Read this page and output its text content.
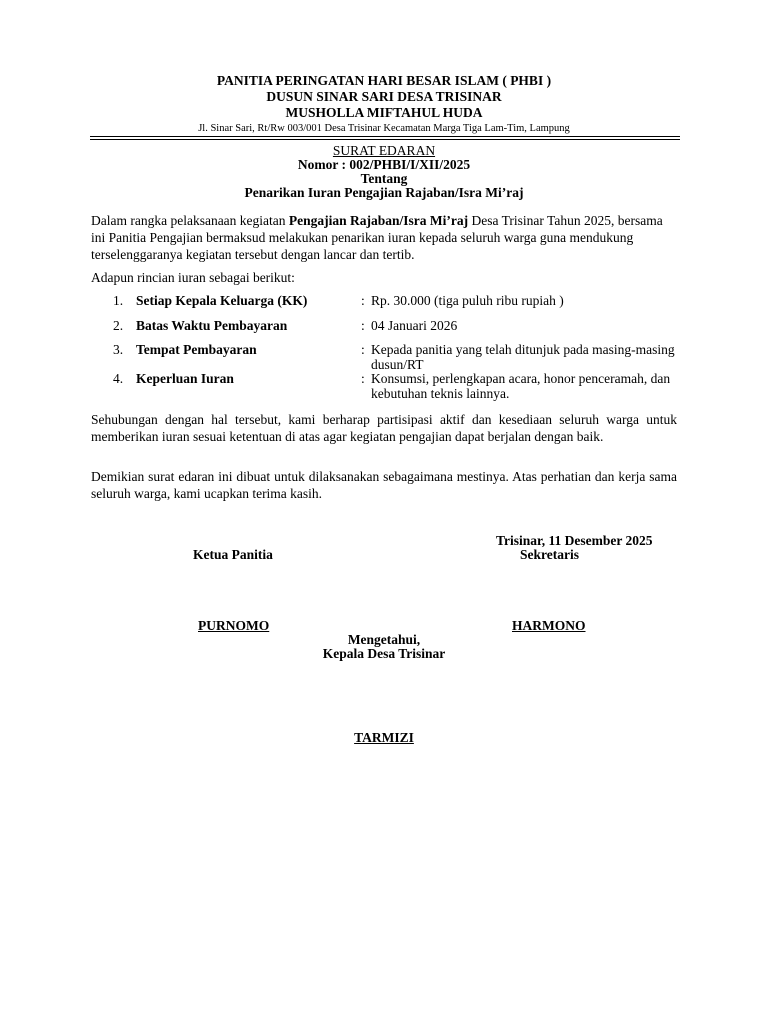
PANITIA PERINGATAN HARI BESAR ISLAM ( PHBI )
DUSUN SINAR SARI DESA TRISINAR
MUSHOLLA MIFTAHUL HUDA
Jl. Sinar Sari, Rt/Rw 003/001 Desa Trisinar Kecamatan Marga Tiga Lam-Tim, Lampung
SURAT EDARAN
Nomor : 002/PHBI/I/XII/2025
Tentang
Penarikan Iuran Pengajian Rajaban/Isra Mi’raj
Dalam rangka pelaksanaan kegiatan Pengajian Rajaban/Isra Mi’raj Desa Trisinar Tahun 2025, bersama ini Panitia Pengajian bermaksud melakukan penarikan iuran kepada seluruh warga guna mendukung terselenggaranya kegiatan tersebut dengan lancar dan tertib.
Adapun rincian iuran sebagai berikut:
1. Setiap Kepala Keluarga (KK)	: Rp. 30.000 (tiga puluh ribu rupiah )
2. Batas Waktu Pembayaran	: 04 Januari 2026
3. Tempat Pembayaran	: Kepada panitia yang telah ditunjuk pada masing-masing dusun/RT
4. Keperluan Iuran	: Konsumsi, perlengkapan acara, honor penceramah, dan kebutuhan teknis lainnya.
Sehubungan dengan hal tersebut, kami berharap partisipasi aktif dan kesediaan seluruh warga untuk memberikan iuran sesuai ketentuan di atas agar kegiatan pengajian dapat berjalan dengan baik.
Demikian surat edaran ini dibuat untuk dilaksanakan sebagaimana mestinya. Atas perhatian dan kerja sama seluruh warga, kami ucapkan terima kasih.
Trisinar, 11 Desember 2025
Ketua Panitia	Sekretaris
PURNOMO	HARMONO
Mengetahui,
Kepala Desa Trisinar
TARMIZI
